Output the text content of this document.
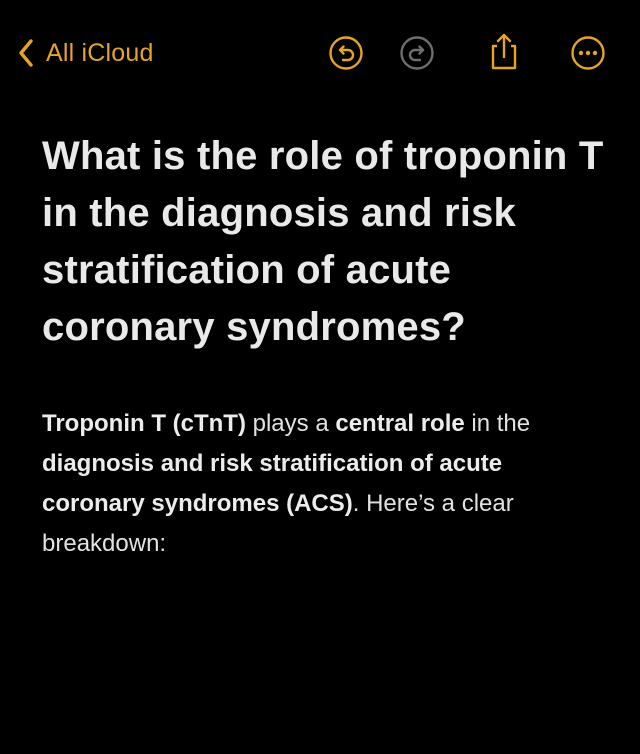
All iCloud
What is the role of troponin T in the diagnosis and risk stratification of acute coronary syndromes?

Troponin T (cTnT) plays a central role in the diagnosis and risk stratification of acute coronary syndromes (ACS). Here’s a clear breakdown:
